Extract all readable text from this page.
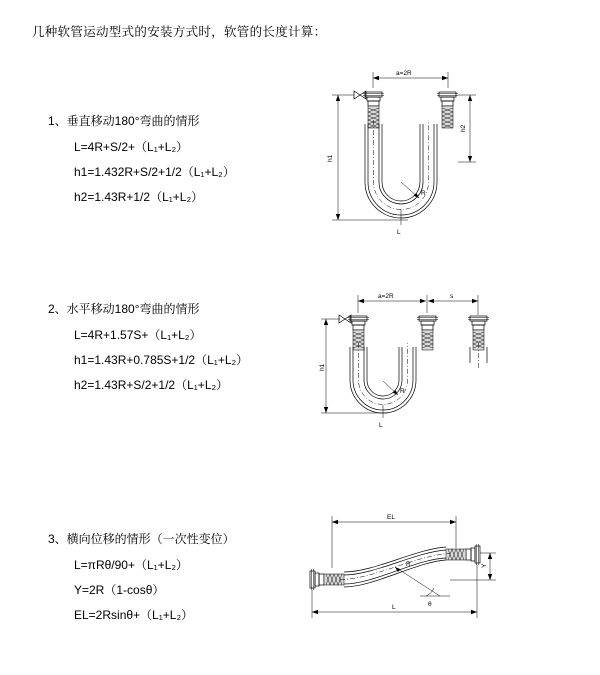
几种软管运动型式的安装方式时，软管的长度计算：
1、垂直移动180°弯曲的情形
L=4R+S/2+（L₁+L₂）
h1=1.432R+S/2+1/2（L₁+L₂）
h2=1.43R+1/2（L₁+L₂）
a=2R
R
L
h1
h2
2、水平移动180°弯曲的情形
L=4R+1.57S+（L₁+L₂）
h1=1.43R+0.785S+1/2（L₁+L₂）
h2=1.43R+S/2+1/2（L₁+L₂）
a=2R	s
R
L
h1
3、横向位移的情形（一次性变位）
L=πRθ/90+（L₁+L₂）
Y=2R（1-cosθ）
EL=2Rsinθ+（L₁+L₂）
EL
R
θ
Y
L
